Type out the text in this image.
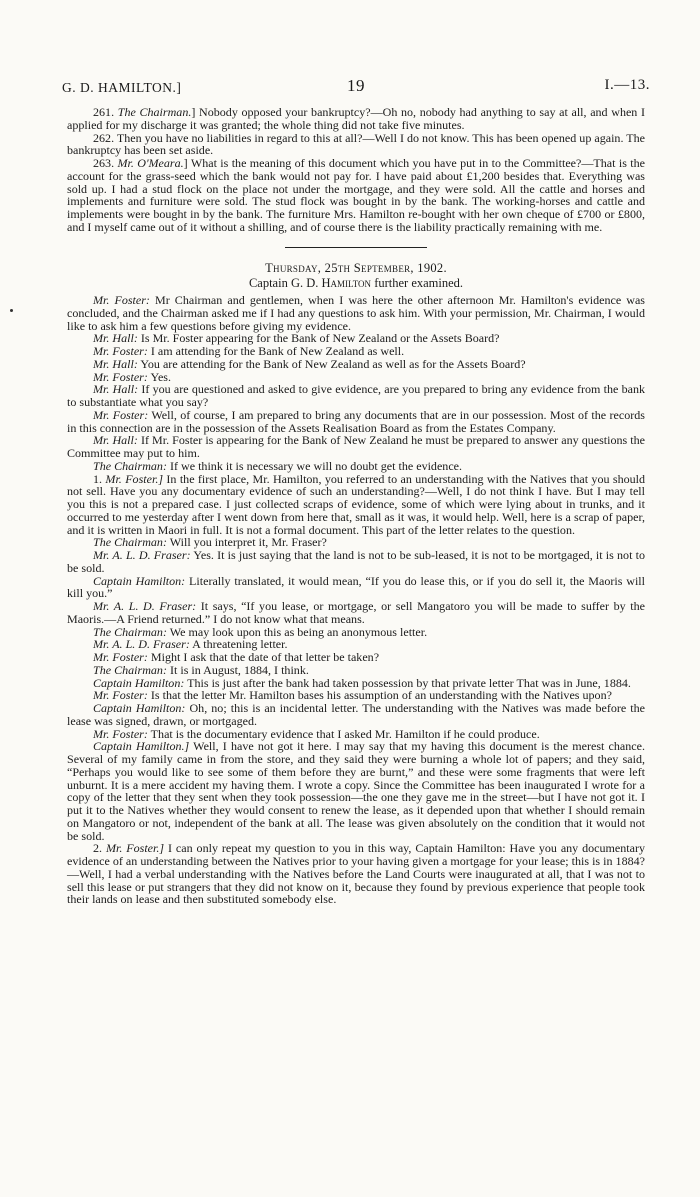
G. D. HAMILTON.]	19	I.—13.

261. The Chairman.] Nobody opposed your bankruptcy?—Oh no, nobody had anything to say at all, and when I applied for my discharge it was granted; the whole thing did not take five minutes.

262. Then you have no liabilities in regard to this at all?—Well I do not know. This has been opened up again. The bankruptcy has been set aside.

263. Mr. O'Meara.] What is the meaning of this document which you have put in to the Committee?—That is the account for the grass-seed which the bank would not pay for. I have paid about £1,200 besides that. Everything was sold up. I had a stud flock on the place not under the mortgage, and they were sold. All the cattle and horses and implements and furniture were sold. The stud flock was bought in by the bank. The working-horses and cattle and implements were bought in by the bank. The furniture Mrs. Hamilton re-bought with her own cheque of £700 or £800, and I myself came out of it without a shilling, and of course there is the liability practically remaining with me.

Thursday, 25th September, 1902.
Captain G. D. Hamilton further examined.

Mr. Foster: Mr Chairman and gentlemen, when I was here the other afternoon Mr. Hamilton's evidence was concluded, and the Chairman asked me if I had any questions to ask him. With your permission, Mr. Chairman, I would like to ask him a few questions before giving my evidence.

Mr. Hall: Is Mr. Foster appearing for the Bank of New Zealand or the Assets Board?

Mr. Foster: I am attending for the Bank of New Zealand as well.

Mr. Hall: You are attending for the Bank of New Zealand as well as for the Assets Board?

Mr. Foster: Yes.

Mr. Hall: If you are questioned and asked to give evidence, are you prepared to bring any evidence from the bank to substantiate what you say?

Mr. Foster: Well, of course, I am prepared to bring any documents that are in our possession. Most of the records in this connection are in the possession of the Assets Realisation Board as from the Estates Company.

Mr. Hall: If Mr. Foster is appearing for the Bank of New Zealand he must be prepared to answer any questions the Committee may put to him.

The Chairman: If we think it is necessary we will no doubt get the evidence.

1. Mr. Foster.] In the first place, Mr. Hamilton, you referred to an understanding with the Natives that you should not sell. Have you any documentary evidence of such an understanding?—Well, I do not think I have. But I may tell you this is not a prepared case. I just collected scraps of evidence, some of which were lying about in trunks, and it occurred to me yesterday after I went down from here that, small as it was, it would help. Well, here is a scrap of paper, and it is written in Maori in full. It is not a formal document. This part of the letter relates to the question.

The Chairman: Will you interpret it, Mr. Fraser?

Mr. A. L. D. Fraser: Yes. It is just saying that the land is not to be sub-leased, it is not to be mortgaged, it is not to be sold.

Captain Hamilton: Literally translated, it would mean, “If you do lease this, or if you do sell it, the Maoris will kill you.”

Mr. A. L. D. Fraser: It says, “If you lease, or mortgage, or sell Mangatoro you will be made to suffer by the Maoris.—A Friend returned.” I do not know what that means.

The Chairman: We may look upon this as being an anonymous letter.

Mr. A. L. D. Fraser: A threatening letter.

Mr. Foster: Might I ask that the date of that letter be taken?

The Chairman: It is in August, 1884, I think.

Captain Hamilton: This is just after the bank had taken possession by that private letter That was in June, 1884.

Mr. Foster: Is that the letter Mr. Hamilton bases his assumption of an understanding with the Natives upon?

Captain Hamilton: Oh, no; this is an incidental letter. The understanding with the Natives was made before the lease was signed, drawn, or mortgaged.

Mr. Foster: That is the documentary evidence that I asked Mr. Hamilton if he could produce.

Captain Hamilton.] Well, I have not got it here. I may say that my having this document is the merest chance. Several of my family came in from the store, and they said they were burning a whole lot of papers; and they said, “Perhaps you would like to see some of them before they are burnt,” and these were some fragments that were left unburnt. It is a mere accident my having them. I wrote a copy. Since the Committee has been inaugurated I wrote for a copy of the letter that they sent when they took possession—the one they gave me in the street—but I have not got it. I put it to the Natives whether they would consent to renew the lease, as it depended upon that whether I should remain on Mangatoro or not, independent of the bank at all. The lease was given absolutely on the condition that it would not be sold.

2. Mr. Foster.] I can only repeat my question to you in this way, Captain Hamilton: Have you any documentary evidence of an understanding between the Natives prior to your having given a mortgage for your lease; this is in 1884?—Well, I had a verbal understanding with the Natives before the Land Courts were inaugurated at all, that I was not to sell this lease or put strangers that they did not know on it, because they found by previous experience that people took their lands on lease and then substituted somebody else.
